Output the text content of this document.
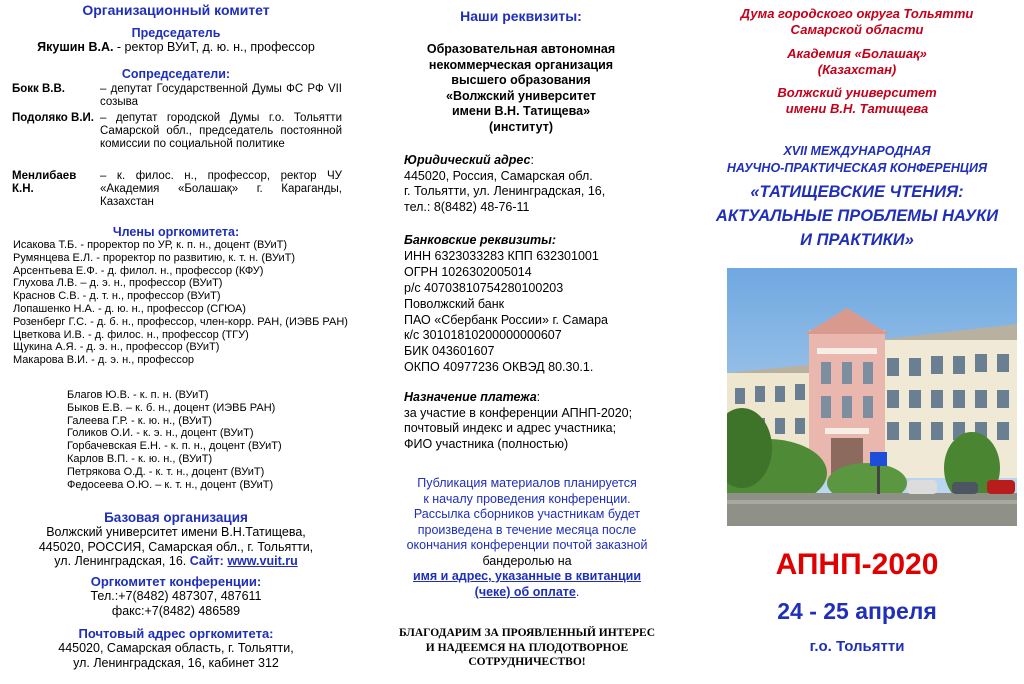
Организационный комитет
Председатель
Якушин В.А. - ректор ВУиТ, д. ю. н., профессор
Сопредседатели:
Бокк В.В.	– депутат Государственной Думы ФС РФ VII созыва
Подоляко В.И. – депутат городской Думы г.о. Тольятти Самарской обл., председатель постоянной комиссии по социальной политике
Менлибаев К.Н.
– к. филос. н., профессор, ректор ЧУ «Академия «Болашақ» г. Караганды, Казахстан
Члены оргкомитета:
Исакова Т.Б. - проректор по УР, к. п. н., доцент (ВУиТ)
Румянцева Е.Л. - проректор по развитию, к. т. н. (ВУиТ)
Арсентьева Е.Ф. - д. филол. н., профессор (КФУ)
Глухова Л.В. – д. э. н., профессор (ВУиТ)
Краснов С.В. - д. т. н., профессор (ВУиТ)
Лопашенко Н.А. - д. ю. н., профессор (СГЮА)
Розенберг Г.С. - д. б. н., профессор, член-корр. РАН, (ИЭВБ РАН)
Цветкова И.В. - д. филос. н., профессор (ТГУ)
Щукина А.Я. - д. э. н., профессор (ВУиТ)
Макарова В.И. - д. э. н., профессор
Благов Ю.В. - к. п. н. (ВУиТ)
Быков Е.В. – к. б. н., доцент (ИЭВБ РАН)
Галеева Г.Р. - к. ю. н., (ВУиТ)
Голиков О.И. - к. э. н., доцент (ВУиТ)
Горбачевская Е.Н. - к. п. н., доцент (ВУиТ)
Карлов В.П. - к. ю. н., (ВУиТ)
Петрякова О.Д. - к. т. н., доцент (ВУиТ)
Федосеева О.Ю. – к. т. н., доцент (ВУиТ)
Базовая организация
Волжский университет имени В.Н.Татищева,
445020, РОССИЯ, Самарская обл., г. Тольятти,
ул. Ленинградская, 16. Сайт: www.vuit.ru
Оргкомитет конференции:
Тел.:+7(8482) 487307, 487611
факс:+7(8482) 486589
Почтовый адрес оргкомитета:
445020, Самарская область, г. Тольятти,
ул. Ленинградская, 16, кабинет 312
Наши реквизиты:
Образовательная автономная
некоммерческая организация
высшего образования
«Волжский университет
имени В.Н. Татищева»
(институт)
Юридический адрес:
445020, Россия, Самарская обл.
г. Тольятти, ул. Ленинградская, 16,
тел.: 8(8482) 48-76-11
Банковские реквизиты:
ИНН 6323033283 КПП 632301001
ОГРН 1026302005014
р/с 40703810754280100203
Поволжский банк
ПАО «Сбербанк России» г. Самара
к/с 30101810200000000607
БИК 043601607
ОКПО 40977236 ОКВЭД 80.30.1.
Назначение платежа:
за участие в конференции АПНП-2020;
почтовый индекс и адрес участника;
ФИО участника (полностью)
Публикация материалов планируется
к началу проведения конференции.
Рассылка сборников участникам будет
произведена в течение месяца после
окончания конференции почтой заказной
бандеролью на
имя и адрес, указанные в квитанции
(чеке) об оплате.
БЛАГОДАРИМ ЗА ПРОЯВЛЕННЫЙ ИНТЕРЕС
И НАДЕЕМСЯ НА ПЛОДОТВОРНОЕ
СОТРУДНИЧЕСТВО!
Дума городского округа Тольятти
Самарской области
Академия «Болашақ»
(Казахстан)
Волжский университет
имени В.Н. Татищева
XVII МЕЖДУНАРОДНАЯ
НАУЧНО-ПРАКТИЧЕСКАЯ КОНФЕРЕНЦИЯ
«ТАТИЩЕВСКИЕ ЧТЕНИЯ:
АКТУАЛЬНЫЕ ПРОБЛЕМЫ НАУКИ
И ПРАКТИКИ»
АПНП-2020
24 - 25 апреля
г.о. Тольятти
